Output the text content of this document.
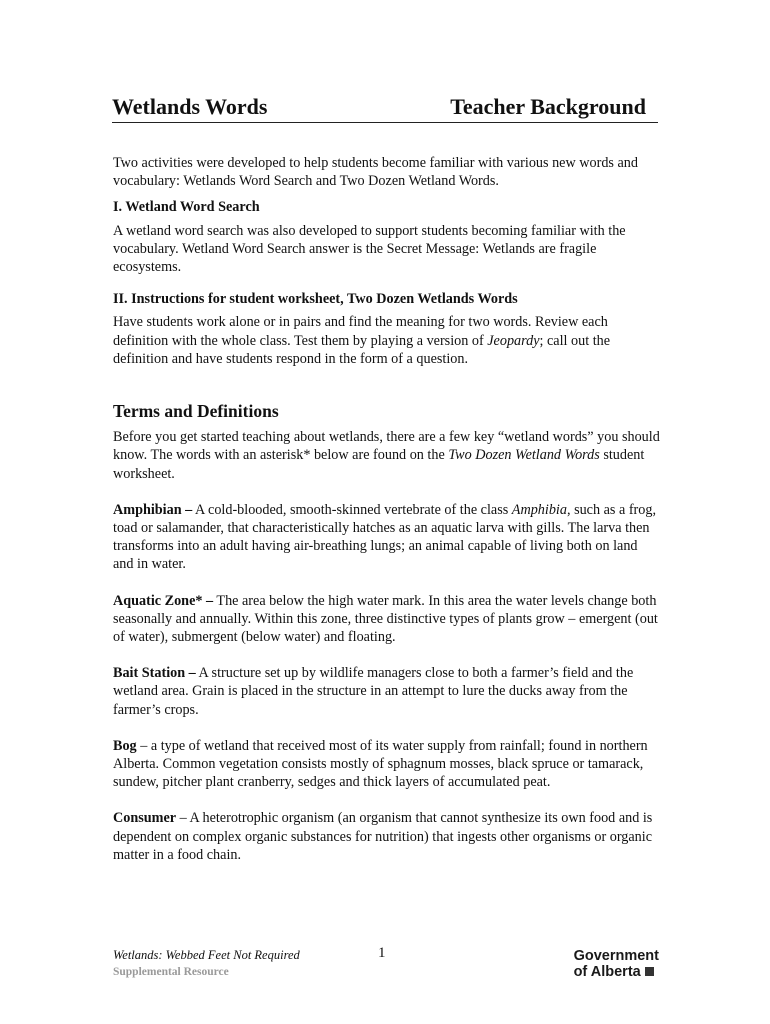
Wetlands Words	Teacher Background

Two activities were developed to help students become familiar with various new words and vocabulary: Wetlands Word Search and Two Dozen Wetland Words.

I. Wetland Word Search

A wetland word search was also developed to support students becoming familiar with the vocabulary. Wetland Word Search answer is the Secret Message: Wetlands are fragile ecosystems.

II. Instructions for student worksheet, Two Dozen Wetlands Words

Have students work alone or in pairs and find the meaning for two words. Review each definition with the whole class. Test them by playing a version of Jeopardy; call out the definition and have students respond in the form of a question.

Terms and Definitions

Before you get started teaching about wetlands, there are a few key “wetland words” you should know. The words with an asterisk* below are found on the Two Dozen Wetland Words student worksheet.

Amphibian – A cold-blooded, smooth-skinned vertebrate of the class Amphibia, such as a frog, toad or salamander, that characteristically hatches as an aquatic larva with gills. The larva then transforms into an adult having air-breathing lungs; an animal capable of living both on land and in water.

Aquatic Zone* – The area below the high water mark. In this area the water levels change both seasonally and annually. Within this zone, three distinctive types of plants grow – emergent (out of water), submergent (below water) and floating.

Bait Station – A structure set up by wildlife managers close to both a farmer’s field and the wetland area. Grain is placed in the structure in an attempt to lure the ducks away from the farmer’s crops.

Bog – a type of wetland that received most of its water supply from rainfall; found in northern Alberta. Common vegetation consists mostly of sphagnum mosses, black spruce or tamarack, sundew, pitcher plant cranberry, sedges and thick layers of accumulated peat.

Consumer – A heterotrophic organism (an organism that cannot synthesize its own food and is dependent on complex organic substances for nutrition) that ingests other organisms or organic matter in a food chain.

Wetlands: Webbed Feet Not Required
Supplemental Resource
1	Government
of Alberta
